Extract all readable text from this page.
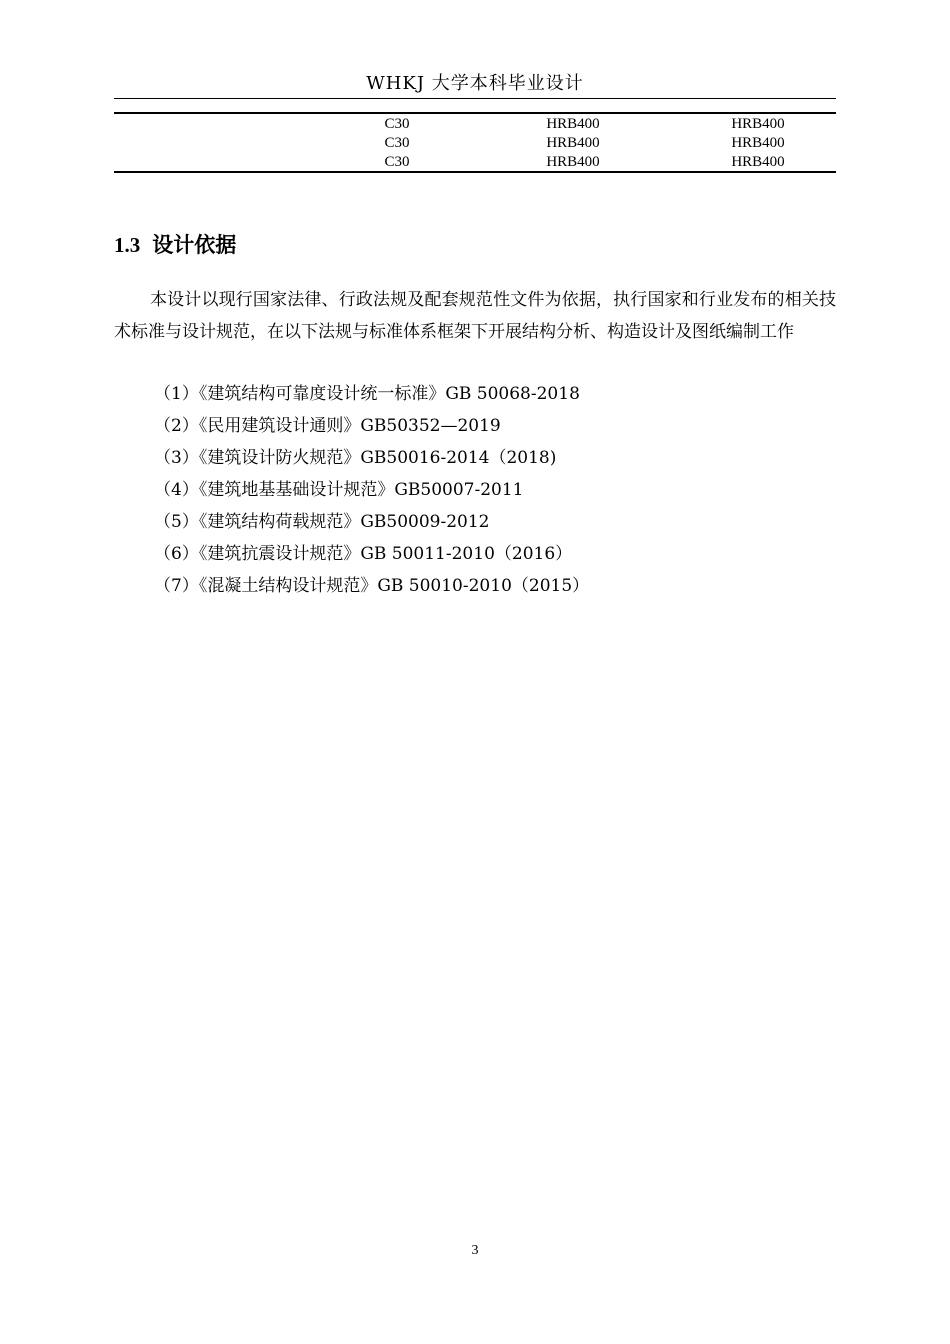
WHKJ 大学本科毕业设计
C30	HRB400	HRB400
C30	HRB400	HRB400
C30	HRB400	HRB400
1.3 设计依据
本设计以现行国家法律、行政法规及配套规范性文件为依据，执行国家和行业发布的相关技术标准与设计规范，在以下法规与标准体系框架下开展结构分析、构造设计及图纸编制工作
（1）《建筑结构可靠度设计统一标准》GB 50068-2018
（2）《民用建筑设计通则》GB50352—2019
（3）《建筑设计防火规范》GB50016-2014（2018)
（4）《建筑地基基础设计规范》GB50007-2011
（5）《建筑结构荷载规范》GB50009-2012
（6）《建筑抗震设计规范》GB 50011-2010（2016）
（7）《混凝土结构设计规范》GB 50010-2010（2015）
3
